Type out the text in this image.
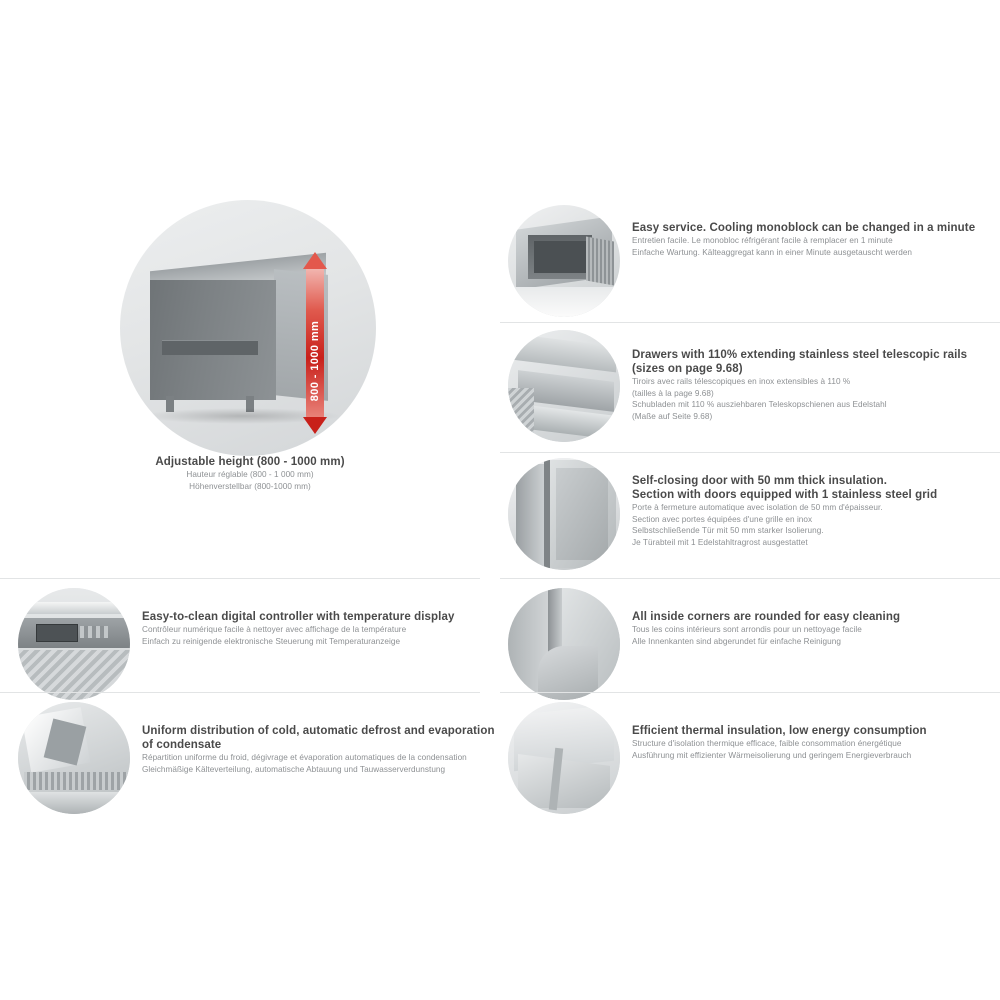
800 - 1000 mm
Adjustable height (800 - 1000 mm)
Hauteur réglable (800 - 1 000 mm)
Höhenverstellbar (800-1000 mm)
Easy service. Cooling monoblock can be changed in a minute
Entretien facile. Le monobloc réfrigérant facile à remplacer en 1 minute
Einfache Wartung. Kälteaggregat kann in einer Minute ausgetauscht werden
Drawers with 110% extending stainless steel telescopic rails
(sizes on page 9.68)
Tiroirs avec rails télescopiques en inox extensibles à 110 %
(tailles à la page 9.68)
Schubladen mit 110 % ausziehbaren Teleskopschienen aus Edelstahl
(Maße auf Seite 9.68)
Self-closing door with 50 mm thick insulation.
Section with doors equipped with 1 stainless steel grid
Porte à fermeture automatique avec isolation de 50 mm d'épaisseur.
Section avec portes équipées d'une grille en inox
Selbstschließende Tür mit 50 mm starker Isolierung.
Je Türabteil mit 1 Edelstahltragrost ausgestattet
Easy-to-clean digital controller with temperature display
Contrôleur numérique facile à nettoyer avec affichage de la température
Einfach zu reinigende elektronische Steuerung mit Temperaturanzeige
All inside corners are rounded for easy cleaning
Tous les coins intérieurs sont arrondis pour un nettoyage facile
Alle Innenkanten sind abgerundet für einfache Reinigung
Uniform distribution of cold, automatic defrost and evaporation of condensate
Répartition uniforme du froid, dégivrage et évaporation automatiques de la condensation
Gleichmäßige Kälteverteilung, automatische Abtauung und Tauwasserverdunstung
Efficient thermal insulation, low energy consumption
Structure d'isolation thermique efficace, faible consommation énergétique
Ausführung mit effizienter Wärmeisolierung und geringem Energieverbrauch
